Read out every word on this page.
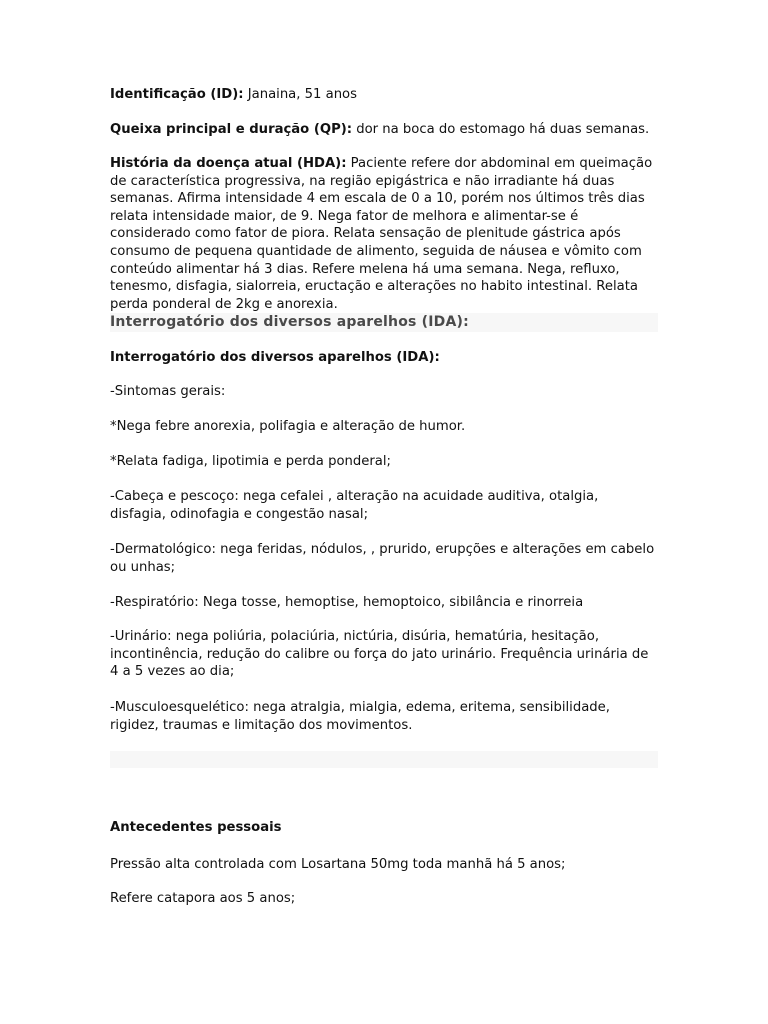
Identificação (ID): Janaina, 51 anos

Queixa principal e duração (QP): dor na boca do estomago há duas semanas.

História da doença atual (HDA): Paciente refere dor abdominal em queimação de característica progressiva, na região epigástrica e não irradiante há duas semanas. Afirma intensidade 4 em escala de 0 a 10, porém nos últimos três dias relata intensidade maior, de 9. Nega fator de melhora e alimentar-se é considerado como fator de piora. Relata sensação de plenitude gástrica após consumo de pequena quantidade de alimento, seguida de náusea e vômito com conteúdo alimentar há 3 dias. Refere melena há uma semana. Nega, refluxo, tenesmo, disfagia, sialorreia, eructação e alterações no habito intestinal. Relata perda ponderal de 2kg e anorexia.

Interrogatório dos diversos aparelhos (IDA):

Interrogatório dos diversos aparelhos (IDA):

-Sintomas gerais:

*Nega febre anorexia, polifagia e alteração de humor.

*Relata fadiga, lipotimia e perda ponderal;

-Cabeça e pescoço: nega cefalei , alteração na acuidade auditiva, otalgia, disfagia, odinofagia e congestão nasal;

-Dermatológico: nega feridas, nódulos, , prurido, erupções e alterações em cabelo ou unhas;

-Respiratório: Nega tosse, hemoptise, hemoptoico, sibilância e rinorreia

-Urinário: nega poliúria, polaciúria, nictúria, disúria, hematúria, hesitação, incontinência, redução do calibre ou força do jato urinário. Frequência urinária de 4 a 5 vezes ao dia;

-Musculoesquelético: nega atralgia, mialgia, edema, eritema, sensibilidade, rigidez, traumas e limitação dos movimentos.

Antecedentes pessoais

Pressão alta controlada com Losartana 50mg toda manhã há 5 anos;

Refere catapora aos 5 anos;
